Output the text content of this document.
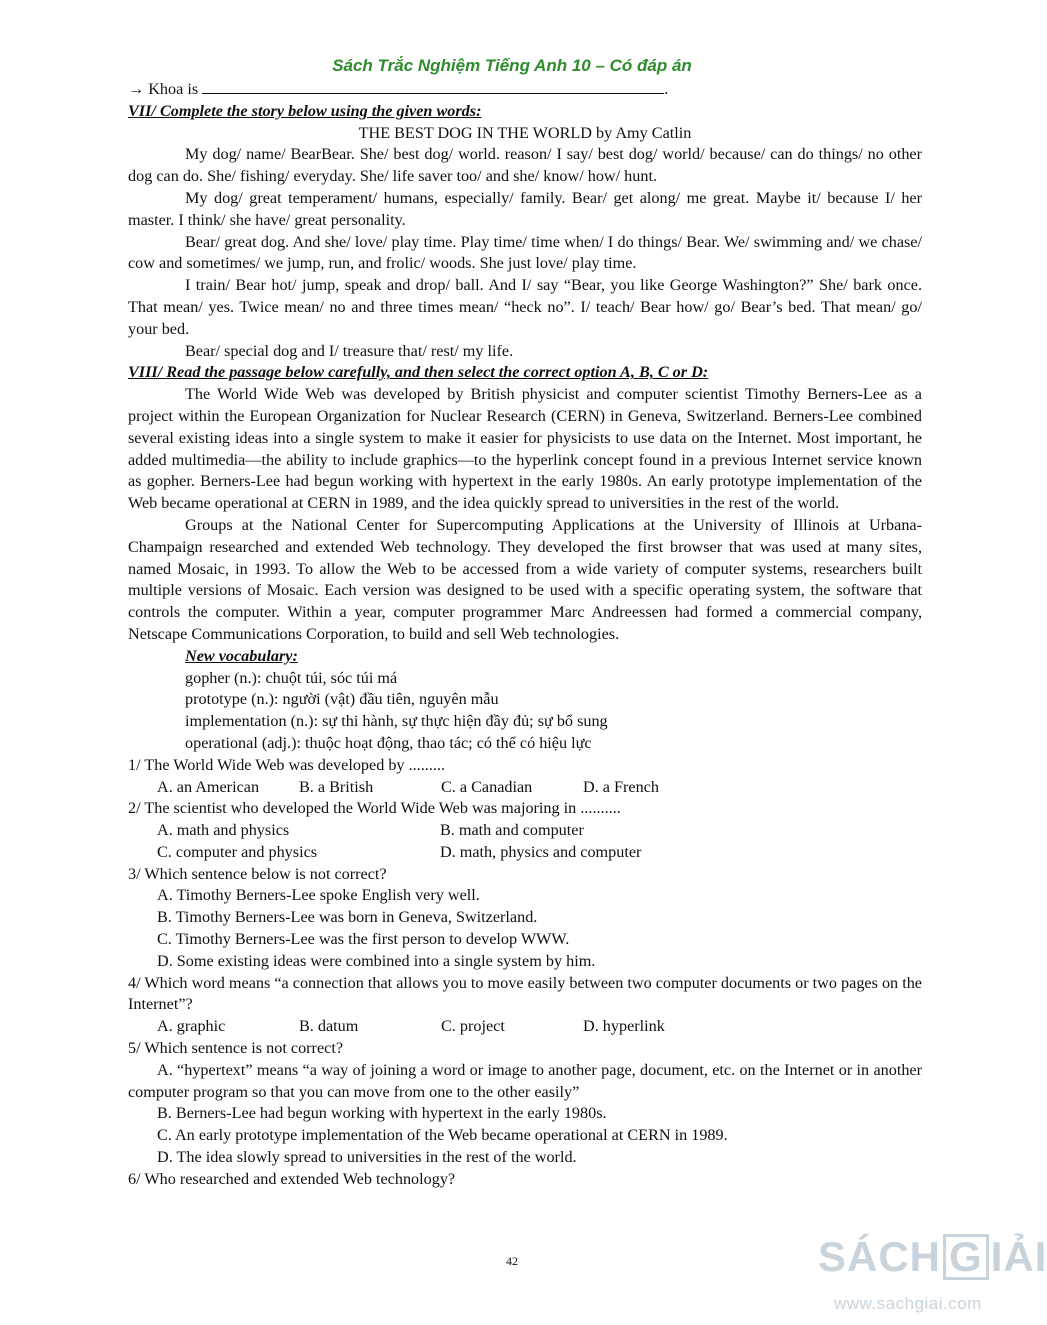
Sách Trắc Nghiệm Tiếng Anh 10 – Có đáp án
→ Khoa is	.
VII/ Complete the story below using the given words:
THE BEST DOG IN THE WORLD by Amy Catlin

My dog/ name/ BearBear. She/ best dog/ world. reason/ I say/ best dog/ world/ because/ can do things/ no other dog can do. She/ fishing/ everyday. She/ life saver too/ and she/ know/ how/ hunt.

My dog/ great temperament/ humans, especially/ family. Bear/ get along/ me great. Maybe it/ because I/ her master. I think/ she have/ great personality.

Bear/ great dog. And she/ love/ play time. Play time/ time when/ I do things/ Bear. We/ swimming and/ we chase/ cow and sometimes/ we jump, run, and frolic/ woods. She just love/ play time.

I train/ Bear hot/ jump, speak and drop/ ball. And I/ say “Bear, you like George Washington?” She/ bark once. That mean/ yes. Twice mean/ no and three times mean/ “heck no”. I/ teach/ Bear how/ go/ Bear’s bed. That mean/ go/ your bed.

Bear/ special dog and I/ treasure that/ rest/ my life.

VIII/ Read the passage below carefully, and then select the correct option A, B, C or D:

The World Wide Web was developed by British physicist and computer scientist Timothy Berners-Lee as a project within the European Organization for Nuclear Research (CERN) in Geneva, Switzerland. Berners-Lee combined several existing ideas into a single system to make it easier for physicists to use data on the Internet. Most important, he added multimedia—the ability to include graphics—to the hyperlink concept found in a previous Internet service known as gopher. Berners-Lee had begun working with hypertext in the early 1980s. An early prototype implementation of the Web became operational at CERN in 1989, and the idea quickly spread to universities in the rest of the world.

Groups at the National Center for Supercomputing Applications at the University of Illinois at Urbana-Champaign researched and extended Web technology. They developed the first browser that was used at many sites, named Mosaic, in 1993. To allow the Web to be accessed from a wide variety of computer systems, researchers built multiple versions of Mosaic. Each version was designed to be used with a specific operating system, the software that controls the computer. Within a year, computer programmer Marc Andreessen had formed a commercial company, Netscape Communications Corporation, to build and sell Web technologies.

New vocabulary:
gopher (n.): chuột túi, sóc túi má
prototype (n.): người (vật) đầu tiên, nguyên mẫu
implementation (n.): sự thi hành, sự thực hiện đầy đủ; sự bổ sung
operational (adj.): thuộc hoạt động, thao tác; có thể có hiệu lực
1/ The World Wide Web was developed by .........
A. an American	B. a British	C. a Canadian	D. a French
2/ The scientist who developed the World Wide Web was majoring in ..........
A. math and physics	B. math and computer
C. computer and physics	D. math, physics and computer
3/ Which sentence below is not correct?
A. Timothy Berners-Lee spoke English very well.
B. Timothy Berners-Lee was born in Geneva, Switzerland.
C. Timothy Berners-Lee was the first person to develop WWW.
D. Some existing ideas were combined into a single system by him.
4/ Which word means “a connection that allows you to move easily between two computer documents or two pages on the Internet”?
A. graphic	B. datum	C. project	D. hyperlink
5/ Which sentence is not correct?
A. “hypertext” means “a way of joining a word or image to another page, document, etc. on the Internet or in another computer program so that you can move from one to the other easily”
B. Berners-Lee had begun working with hypertext in the early 1980s.
C. An early prototype implementation of the Web became operational at CERN in 1989.
D. The idea slowly spread to universities in the rest of the world.
6/ Who researched and extended Web technology?
42	SÁCH G IẢI
www.sachgiai.com
